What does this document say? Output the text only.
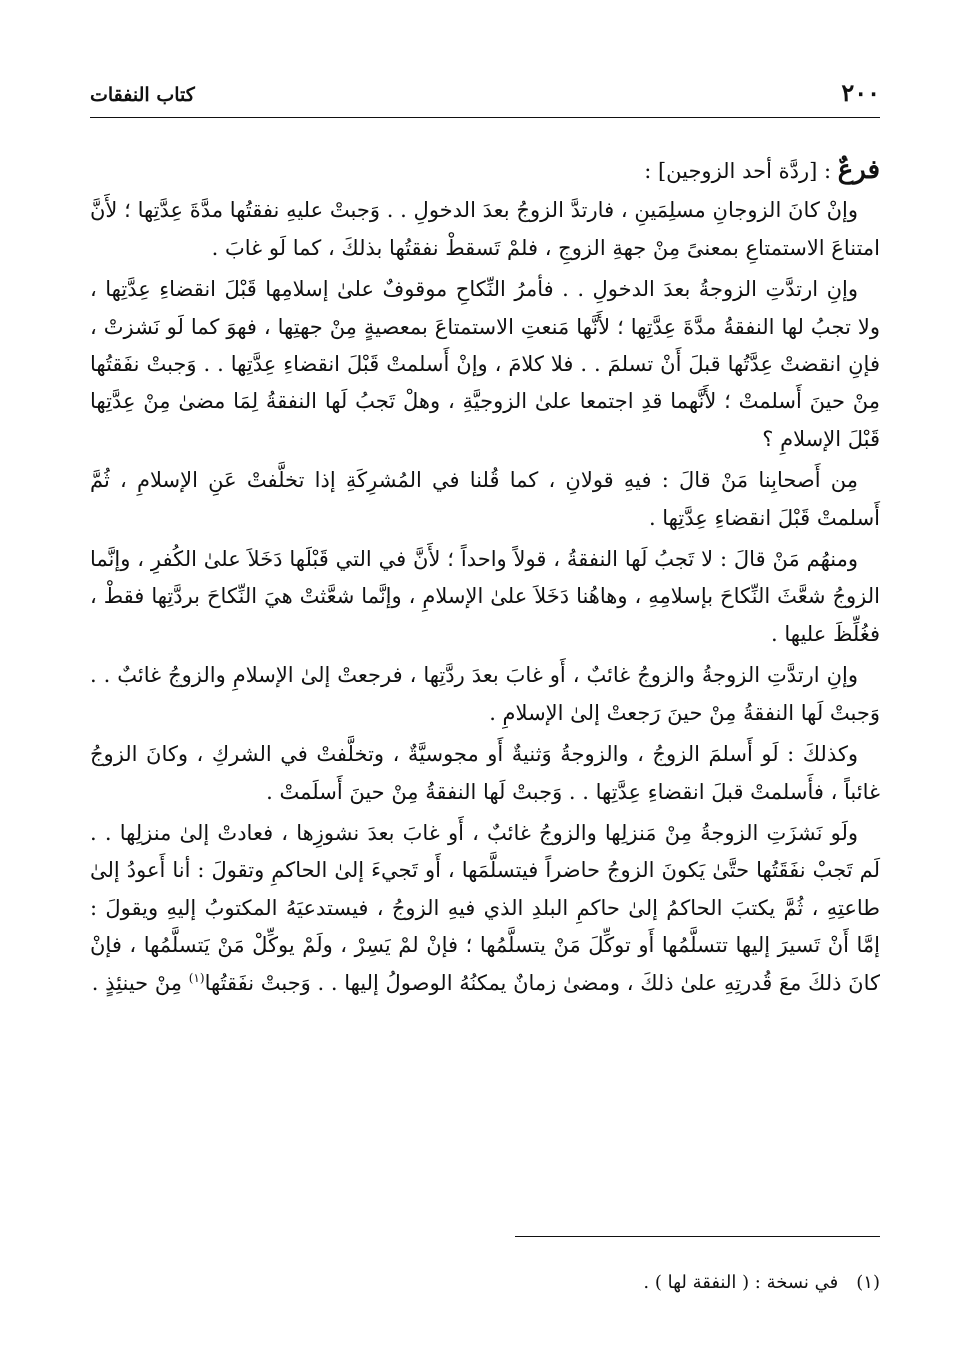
٢٠٠
كتاب النفقات
فرعٌ : [ردَّة أحد الزوجين] :

وإنْ كانَ الزوجانِ مسلِمَينِ ، فارتدَّ الزوجُ بعدَ الدخولِ . . وَجبتْ عليهِ نفقتُها مدَّةَ عِدَّتِها ؛ لأَنَّ امتناعَ الاستمتاعِ بمعنىً مِنْ جهةِ الزوجِ ، فلمْ تَسقطْ نفقتُها بذلكَ ، كما لَو غابَ .

وإنِ ارتدَّتِ الزوجةُ بعدَ الدخولِ . . فأمرُ النِّكاحِ موقوفٌ علىٰ إسلامِها قَبْلَ انقضاءِ عِدَّتِها ، ولا تجبُ لها النفقةُ مدَّةَ عِدَّتِها ؛ لأَنَّها مَنعتِ الاستمتاعَ بمعصيةٍ مِنْ جهتِها ، فهوَ كما لَو نَشزتْ ، فإنِ انقضتْ عِدَّتُها قبلَ أَنْ تسلمَ . . فلا كلامَ ، وإنْ أَسلمتْ قَبْلَ انقضاءِ عِدَّتِها . . وَجبتْ نفَقتُها مِنْ حينَ أَسلمتْ ؛ لأَنَّهما قدِ اجتمعا علىٰ الزوجيَّةِ ، وهلْ تَجبُ لَها النفقةُ لِمَا مضىٰ مِنْ عِدَّتِها قَبْلَ الإسلامِ ؟

مِن أَصحابِنا مَنْ قالَ : فيهِ قولانِ ، كما قُلنا في المُشرِكَةِ إذا تخلَّفتْ عَنِ الإسلامِ ، ثُمَّ أَسلمتْ قَبْلَ انقضاءِ عِدَّتِها .

ومنهُم مَنْ قالَ : لا تَجبُ لَها النفقةُ ، قولاً واحداً ؛ لأَنَّ في التي قَبْلَها دَخَلاَ علىٰ الكُفرِ ، وإنَّما الزوجُ شعَّثَ النِّكاحَ بإسلامِهِ ، وهاهُنا دَخَلاَ علىٰ الإسلامِ ، وإنَّما شعَّثتْ هيَ النِّكاحَ بردَّتِها فقطْ ، فغُلِّظَ عليها .

وإنِ ارتدَّتِ الزوجةُ والزوجُ غائبٌ ، أَو غابَ بعدَ ردَّتِها ، فرجعتْ إلىٰ الإسلامِ والزوجُ غائبٌ . . وَجبتْ لَها النفقةُ مِنْ حينَ رَجعتْ إلىٰ الإسلامِ .

وكذلكَ : لَو أَسلمَ الزوجُ ، والزوجةُ وَثنيةٌ أَو مجوسيَّةٌ ، وتخلَّفتْ في الشركِ ، وكانَ الزوجُ غائباً ، فأَسلمتْ قبلَ انقضاءِ عِدَّتِها . . وَجبتْ لَها النفقةُ مِنْ حينَ أَسلَمتْ .

ولَو نَشزَتِ الزوجةُ مِنْ مَنزلِها والزوجُ غائبٌ ، أَو غابَ بعدَ نشوزِها ، فعادتْ إلىٰ منزلِها . . لَم تَجبْ نفَقَتُها حتَّىٰ يَكونَ الزوجُ حاضراً فيتسلَّمَها ، أَو تَجيءَ إلىٰ الحاكمِ وتقولَ : أنا أَعودُ إلىٰ طاعتِهِ ، ثُمَّ يكتبَ الحاكمُ إلىٰ حاكمِ البلدِ الذي فيهِ الزوجُ ، فيستدعيَهُ المكتوبُ إليهِ ويقولَ : إمَّا أَنْ تَسيرَ إليها تتسلَّمُها أَو توكِّلَ مَنْ يتسلَّمُها ؛ فإنْ لمْ يَسِرْ ، ولَمْ يوكِّلْ مَنْ يَتسلَّمُها ، فإنْ كانَ ذلكَ معَ قُدرتِهِ علىٰ ذلكَ ، ومضىٰ زمانٌ يمكنُهُ الوصولُ إليها . . وَجبتْ نفَقتُها$^{(١)}$ مِنْ حينئِذٍ .

(١)في نسخة : ( النفقة لها ) .
